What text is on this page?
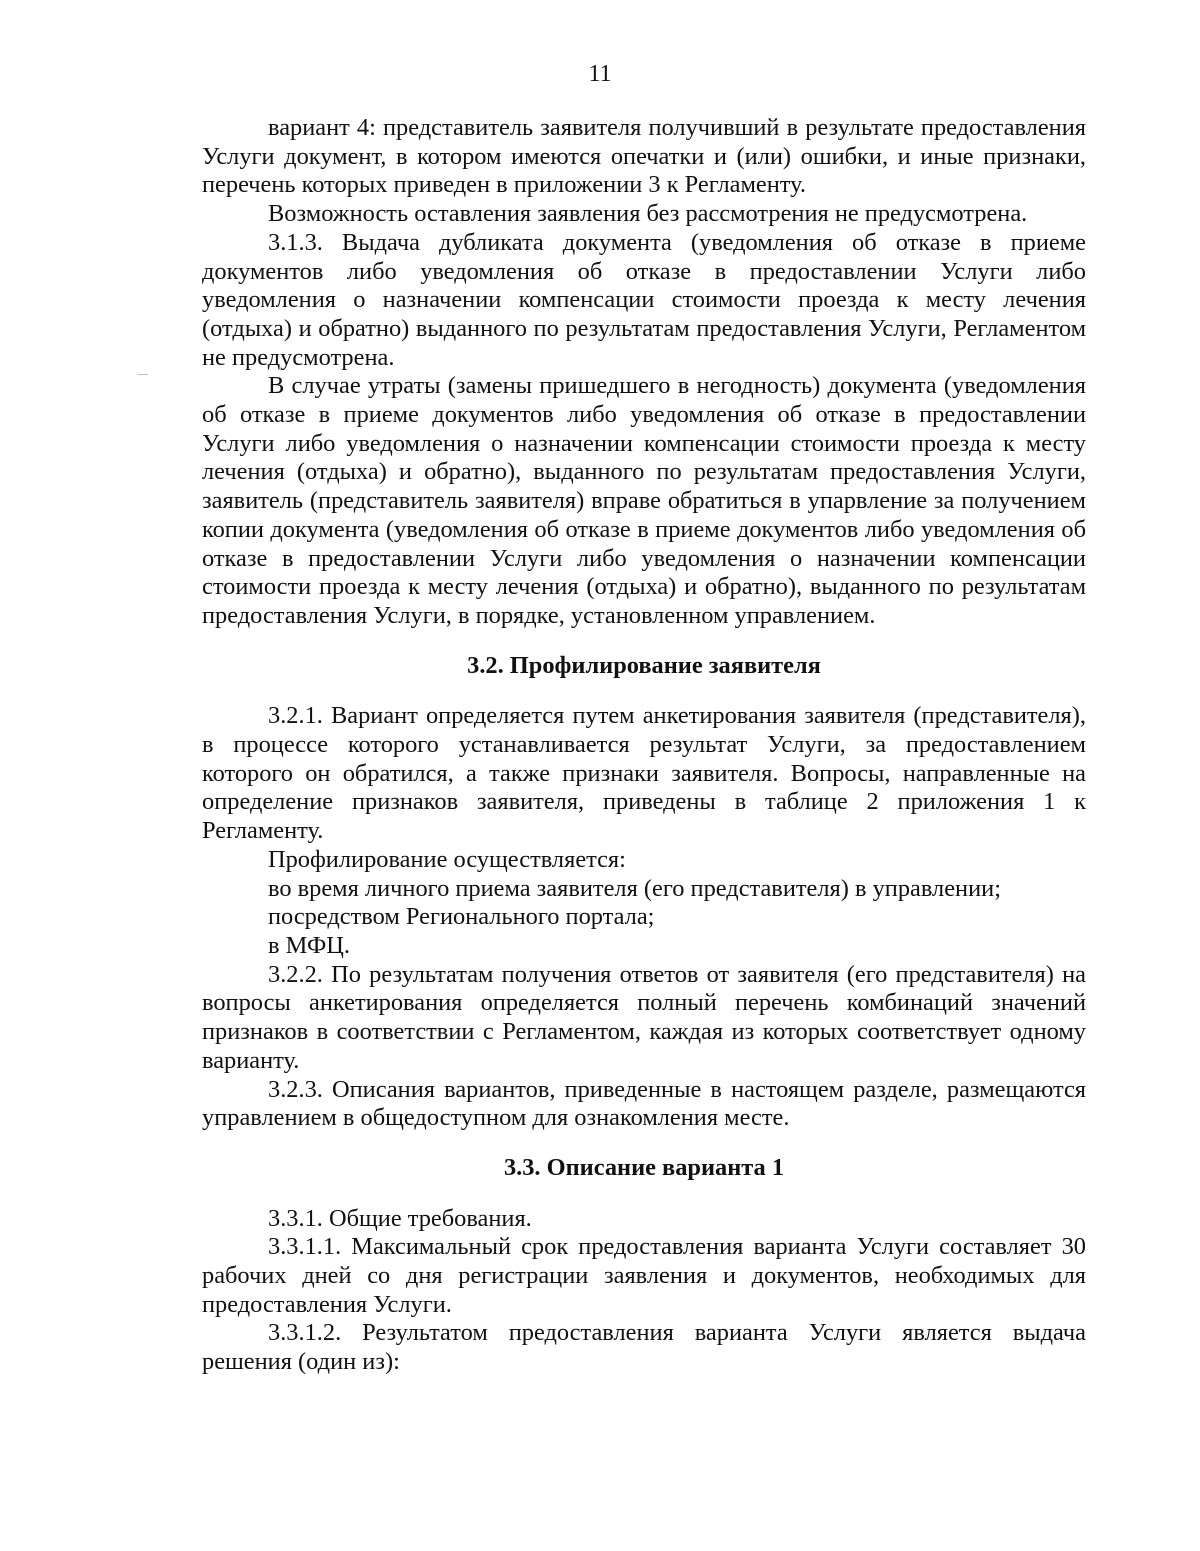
11

вариант 4: представитель заявителя получивший в результате предоставления Услуги документ, в котором имеются опечатки и (или) ошибки, и иные признаки, перечень которых приведен в приложении 3 к Регламенту.

Возможность оставления заявления без рассмотрения не предусмотрена.

3.1.3. Выдача дубликата документа (уведомления об отказе в приеме документов либо уведомления об отказе в предоставлении Услуги либо уведомления о назначении компенсации стоимости проезда к месту лечения (отдыха) и обратно) выданного по результатам предоставления Услуги, Регламентом не предусмотрена.

В случае утраты (замены пришедшего в негодность) документа (уведомления об отказе в приеме документов либо уведомления об отказе в предоставлении Услуги либо уведомления о назначении компенсации стоимости проезда к месту лечения (отдыха) и обратно), выданного по результатам предоставления Услуги, заявитель (представитель заявителя) вправе обратиться в упарвление за получением копии документа (уведомления об отказе в приеме документов либо уведомления об отказе в предоставлении Услуги либо уведомления о назначении компенсации стоимости проезда к месту лечения (отдыха) и обратно), выданного по результатам предоставления Услуги, в порядке, установленном управлением.

3.2. Профилирование заявителя

3.2.1. Вариант определяется путем анкетирования заявителя (представителя), в процессе которого устанавливается результат Услуги, за предоставлением которого он обратился, а также признаки заявителя. Вопросы, направленные на определение признаков заявителя, приведены в таблице 2 приложения 1 к Регламенту.

Профилирование осуществляется:

во время личного приема заявителя (его представителя) в управлении;

посредством Регионального портала;

в МФЦ.

3.2.2. По результатам получения ответов от заявителя (его представителя) на вопросы анкетирования определяется полный перечень комбинаций значений признаков в соответствии с Регламентом, каждая из которых соответствует одному варианту.

3.2.3. Описания вариантов, приведенные в настоящем разделе, размещаются управлением в общедоступном для ознакомления месте.

3.3. Описание варианта 1

3.3.1. Общие требования.

3.3.1.1. Максимальный срок предоставления варианта Услуги составляет 30 рабочих дней со дня регистрации заявления и документов, необходимых для предоставления Услуги.

3.3.1.2. Результатом предоставления варианта Услуги является выдача решения (один из):
